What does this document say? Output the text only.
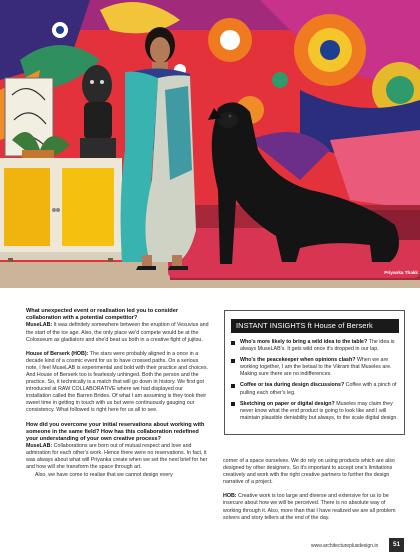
Priyanka Thakk

What unexpected event or realisation led you to consider collaboration with a potential competitor?

MuseLAB: It was definitely somewhere between the eruption of Vesuvius and the start of the ice age. Also, the only place we'd compete would be at the Colosseum as gladiators and she'd beat us both in a creative fight of jujitsu.

House of Berserk (HOB): The stars were probably aligned in a once in a decade kind of a cosmic event for us to have crossed paths. On a serious note, I feel MuseLAB is experimental and bold with their practice and choices. And House of Berserk too is fearlessly unhinged. Both the person and the practice. So, it technically is a match that will go down in history. We first got introduced at RAW COLLABORATIVE where we had displayed our installation called the Barren Brides. Of what I am assuming is they took their sweet time in getting in touch with us but were continuously gauging our consistency. What followed is right here for us all to see.

How did you overcome your initial reservations about working with someone in the same field? How has this collaboration redefined your understanding of your own creative process?

MuseLAB: Collaborations are born out of mutual respect and love and admiration for each other's work. Hence there were no reservations. In fact, it was always about what will Priyanka create when we set the next brief for her and how will she transform the space through art.

Also, we have come to realise that we cannot design every

INSTANT INSIGHTS ft House of Berserk
Who's more likely to bring a wild idea to the table? The idea is always MuseLAB's. It gets wild once it's dropped in our lap.
Who's the peacekeeper when opinions clash? When we are working together, I am the betaal to the Vikram that Museles are. Making sure there are no indifferences.
Coffee or tea during design discussions? Coffee with a pinch of pulling each other's leg.
Sketching on paper or digital design? Museles may claim they never know what the end product is going to look like and I will maintain plausible deniability but always, to the scale digital design.

corner of a space ourselves. We do rely on using products which are also designed by other designers. So it's important to accept one's limitations creatively and work with the right creative partners to further the design narrative of a project.

HOB: Creative work is too large and diverse and extensive for us to be insecure about how we will be perceived. There is no absolute way of working through it. Also, more than that I have realized we are all problem solvers and story tellers at the end of the day.

www.architectureplusdesign.in	51
